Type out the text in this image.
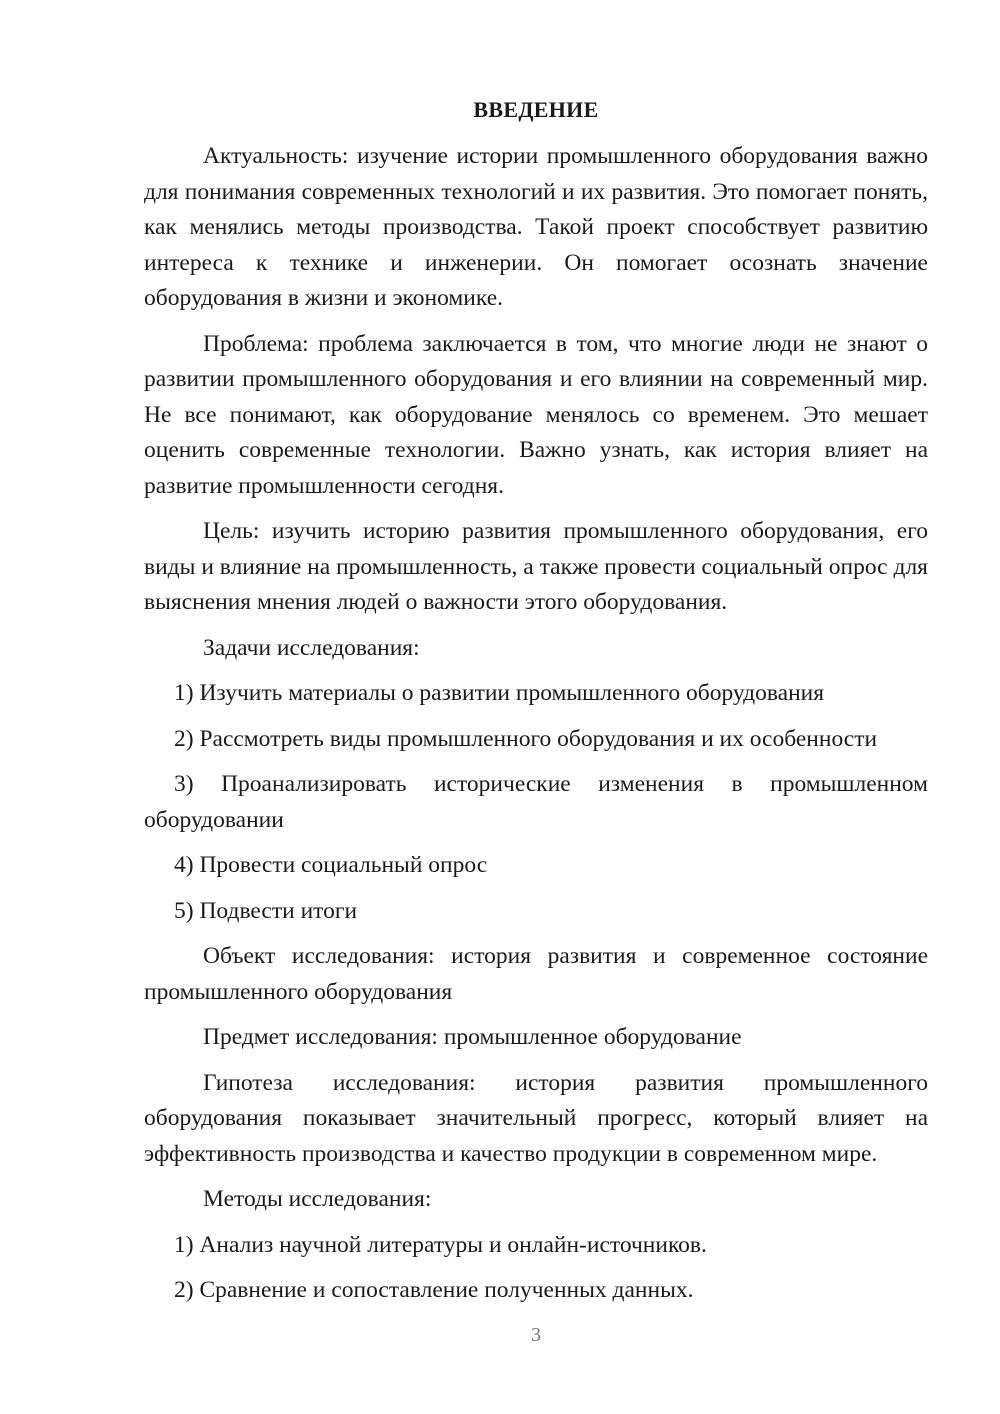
ВВЕДЕНИЕ

Актуальность: изучение истории промышленного оборудования важно для понимания современных технологий и их развития. Это помогает понять, как менялись методы производства. Такой проект способствует развитию интереса к технике и инженерии. Он помогает осознать значение оборудования в жизни и экономике.

Проблема: проблема заключается в том, что многие люди не знают о развитии промышленного оборудования и его влиянии на современный мир. Не все понимают, как оборудование менялось со временем. Это мешает оценить современные технологии. Важно узнать, как история влияет на развитие промышленности сегодня.

Цель: изучить историю развития промышленного оборудования, его виды и влияние на промышленность, а также провести социальный опрос для выяснения мнения людей о важности этого оборудования.

Задачи исследования:

1) Изучить материалы о развитии промышленного оборудования

2) Рассмотреть виды промышленного оборудования и их особенности

3) Проанализировать исторические изменения в промышленном оборудовании

4) Провести социальный опрос

5) Подвести итоги

Объект исследования: история развития и современное состояние промышленного оборудования

Предмет исследования: промышленное оборудование

Гипотеза исследования: история развития промышленного оборудования показывает значительный прогресс, который влияет на эффективность производства и качество продукции в современном мире.

Методы исследования:

1) Анализ научной литературы и онлайн-источников.

2) Сравнение и сопоставление полученных данных.

3
